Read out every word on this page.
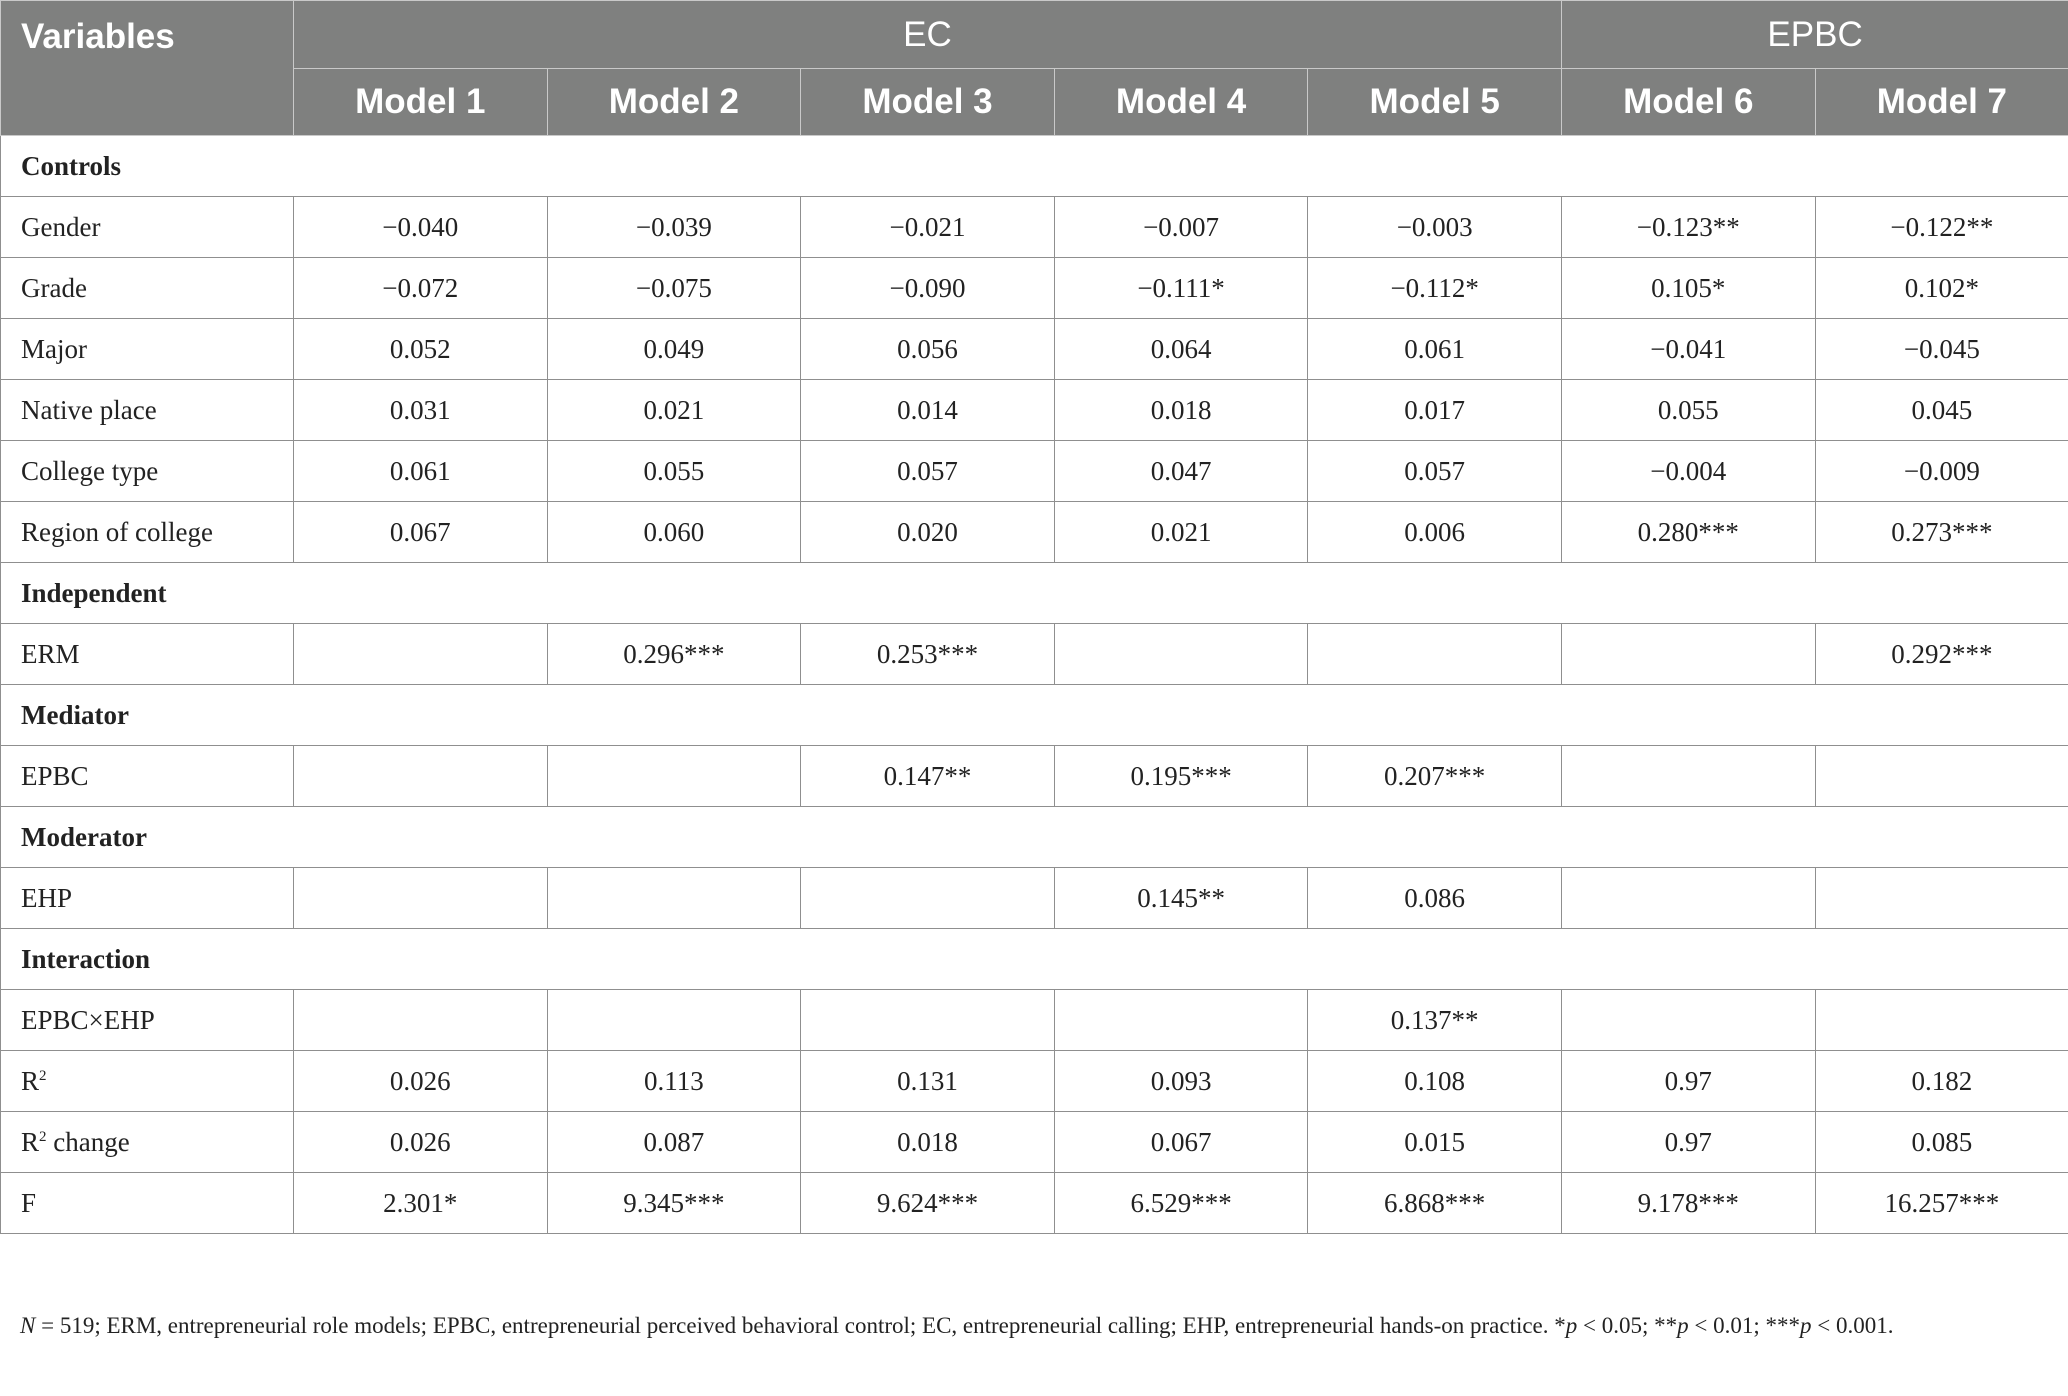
Variables	EC					EPBC	
	Model 1	Model 2	Model 3	Model 4	Model 5	Model 6	Model 7
Controls							
Gender	−0.040	−0.039	−0.021	−0.007	−0.003	−0.123**	−0.122**
Grade	−0.072	−0.075	−0.090	−0.111*	−0.112*	0.105*	0.102*
Major	0.052	0.049	0.056	0.064	0.061	−0.041	−0.045
Native place	0.031	0.021	0.014	0.018	0.017	0.055	0.045
College type	0.061	0.055	0.057	0.047	0.057	−0.004	−0.009
Region of college	0.067	0.060	0.020	0.021	0.006	0.280***	0.273***
Independent							
ERM		0.296***	0.253***				0.292***
Mediator							
EPBC			0.147**	0.195***	0.207***		
Moderator							
EHP				0.145**	0.086		
Interaction							
EPBC×EHP					0.137**		
$R^2$	0.026	0.113	0.131	0.093	0.108	0.97	0.182
$R^2$ change	0.026	0.087	0.018	0.067	0.015	0.97	0.085
F	2.301*	9.345***	9.624***	6.529***	6.868***	9.178***	16.257***
N = 519; ERM, entrepreneurial role models; EPBC, entrepreneurial perceived behavioral control; EC, entrepreneurial calling; EHP, entrepreneurial hands-on practice. *p < 0.05; **p < 0.01; ***p < 0.001.
